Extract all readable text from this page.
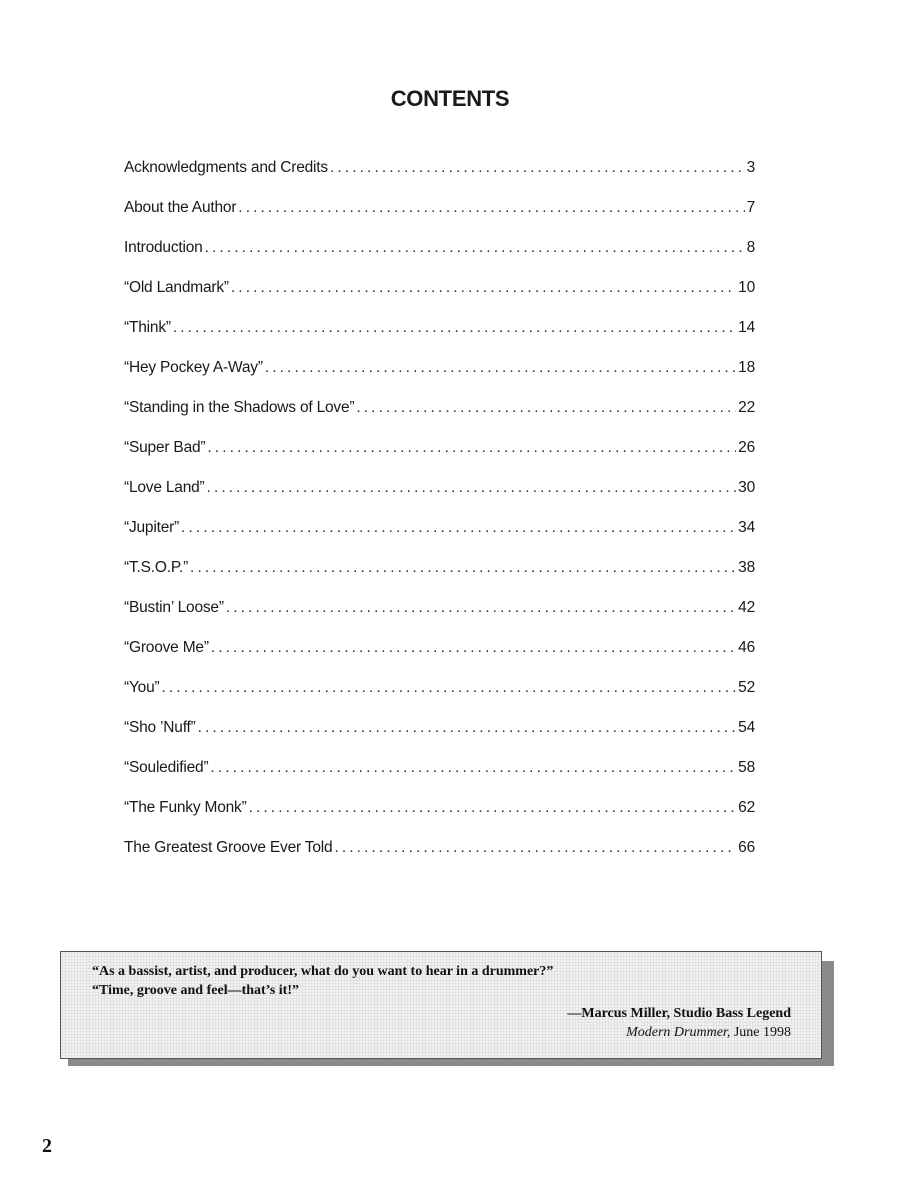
CONTENTS
Acknowledgments and Credits . . .	3
About the Author . . .	7
Introduction . . .	8
“Old Landmark” . . .	10
“Think” . . .	14
“Hey Pockey A-Way” . . .	18
“Standing in the Shadows of Love” . . .	22
“Super Bad” . . .	26
“Love Land” . . .	30
“Jupiter” . . .	34
“T.S.O.P.” . . .	38
“Bustin’ Loose” . . .	42
“Groove Me” . . .	46
“You” . . .	52
“Sho ’Nuff” . . .	54
“Souledified” . . .	58
“The Funky Monk” . . .	62
The Greatest Groove Ever Told . . .	66
“As a bassist, artist, and producer, what do you want to hear in a drummer?”
“Time, groove and feel—that’s it!”
—Marcus Miller, Studio Bass Legend
Modern Drummer, June 1998
2
